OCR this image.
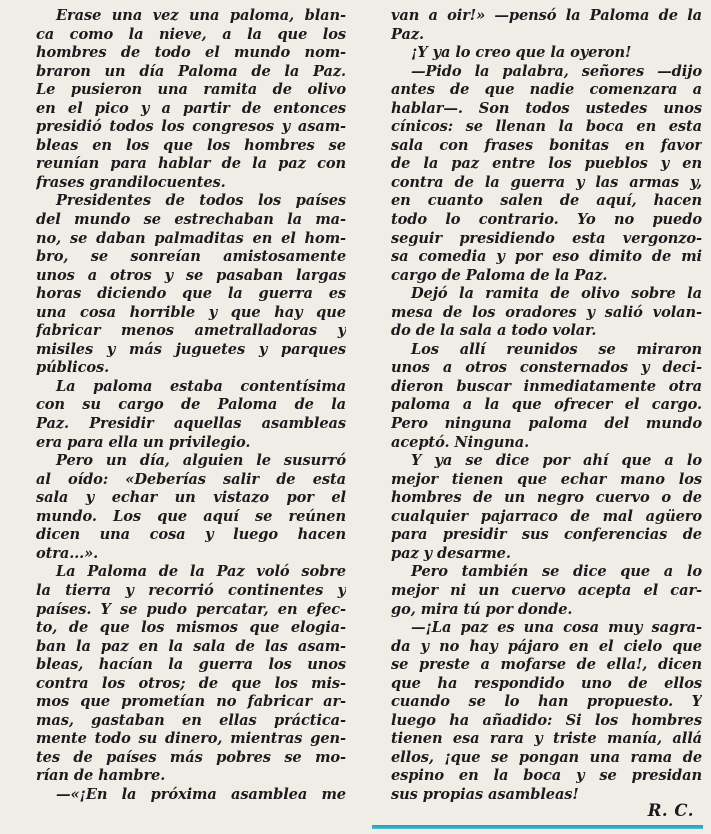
Erase una vez una paloma, blan-
ca como la nieve, a la que los
hombres de todo el mundo nom-
braron un día Paloma de la Paz.
Le pusieron una ramita de olivo
en el pico y a partir de entonces
presidió todos los congresos y asam-
bleas en los que los hombres se
reunían para hablar de la paz con
frases grandilocuentes.
Presidentes de todos los países
del mundo se estrechaban la ma-
no, se daban palmaditas en el hom-
bro, se sonreían amistosamente
unos a otros y se pasaban largas
horas diciendo que la guerra es
una cosa horrible y que hay que
fabricar menos ametralladoras y
misiles y más juguetes y parques
públicos.
La paloma estaba contentísima
con su cargo de Paloma de la
Paz. Presidir aquellas asambleas
era para ella un privilegio.
Pero un día, alguien le susurró
al oído: «Deberías salir de esta
sala y echar un vistazo por el
mundo. Los que aquí se reúnen
dicen una cosa y luego hacen
otra...».
La Paloma de la Paz voló sobre
la tierra y recorrió continentes y
países. Y se pudo percatar, en efec-
to, de que los mismos que elogia-
ban la paz en la sala de las asam-
bleas, hacían la guerra los unos
contra los otros; de que los mis-
mos que prometían no fabricar ar-
mas, gastaban en ellas práctica-
mente todo su dinero, mientras gen-
tes de países más pobres se mo-
rían de hambre.
—«¡En la próxima asamblea me
van a oir!» —pensó la Paloma de la
Paz.
¡Y ya lo creo que la oyeron!
—Pido la palabra, señores —dijo
antes de que nadie comenzara a
hablar—. Son todos ustedes unos
cínicos: se llenan la boca en esta
sala con frases bonitas en favor
de la paz entre los pueblos y en
contra de la guerra y las armas y,
en cuanto salen de aquí, hacen
todo lo contrario. Yo no puedo
seguir presidiendo esta vergonzo-
sa comedia y por eso dimito de mi
cargo de Paloma de la Paz.
Dejó la ramita de olivo sobre la
mesa de los oradores y salió volan-
do de la sala a todo volar.
Los allí reunidos se miraron
unos a otros consternados y deci-
dieron buscar inmediatamente otra
paloma a la que ofrecer el cargo.
Pero ninguna paloma del mundo
aceptó. Ninguna.
Y ya se dice por ahí que a lo
mejor tienen que echar mano los
hombres de un negro cuervo o de
cualquier pajarraco de mal agüero
para presidir sus conferencias de
paz y desarme.
Pero también se dice que a lo
mejor ni un cuervo acepta el car-
go, mira tú por donde.
—¡La paz es una cosa muy sagra-
da y no hay pájaro en el cielo que
se preste a mofarse de ella!, dicen
que ha respondido uno de ellos
cuando se lo han propuesto. Y
luego ha añadido: Si los hombres
tienen esa rara y triste manía, allá
ellos, ¡que se pongan una rama de
espino en la boca y se presidan
sus propias asambleas!
R. C.
